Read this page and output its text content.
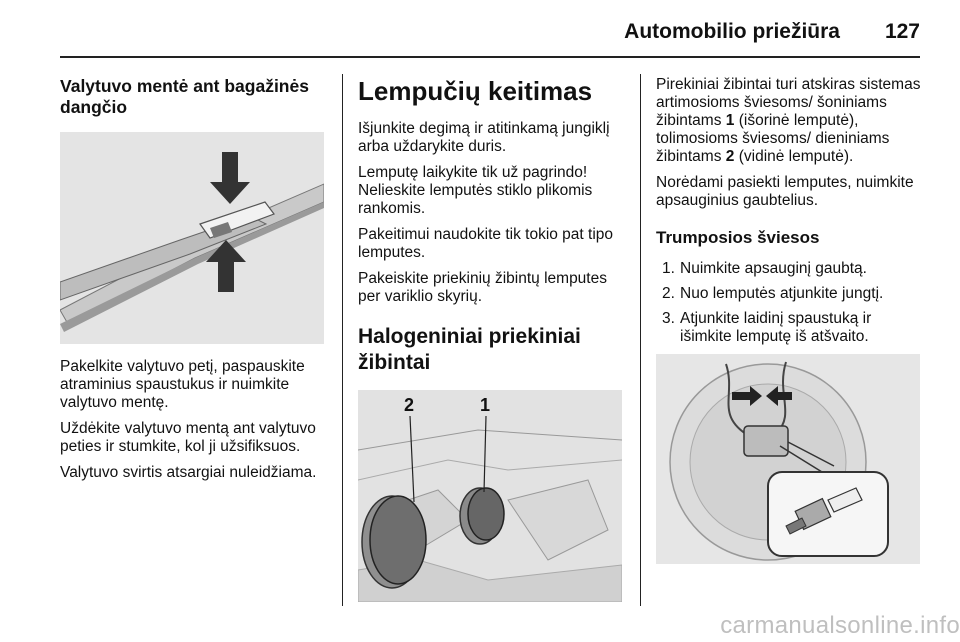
Automobilio priežiūra 127
Valytuvo mentė ant bagažinės dangčio

Pakelkite valytuvo petį, paspauskite atraminius spaustukus ir nuimkite valytuvo mentę.

Uždėkite valytuvo mentą ant valytuvo peties ir stumkite, kol ji užsifiksuos.

Valytuvo svirtis atsargiai nuleidžiama.

Lempučių keitimas

Išjunkite degimą ir atitinkamą jungiklį arba uždarykite duris.

Lemputę laikykite tik už pagrindo! Nelieskite lemputės stiklo plikomis rankomis.

Pakeitimui naudokite tik tokio pat tipo lemputes.

Pakeiskite priekinių žibintų lemputes per variklio skyrių.

Halogeniniai priekiniai žibintai
2	1

Pirekiniai žibintai turi atskiras sistemas artimosioms šviesoms/ šoniniams žibintams 1 (išorinė lemputė), tolimosioms šviesoms/ dieniniams žibintams 2 (vidinė lemputė).

Norėdami pasiekti lemputes, nuimkite apsauginius gaubtelius.

Trumposios šviesos
1. Nuimkite apsauginį gaubtą.
2. Nuo lemputės atjunkite jungtį.
3. Atjunkite laidinį spaustuką ir išimkite lemputę iš atšvaito.
carmanualsonline.info
